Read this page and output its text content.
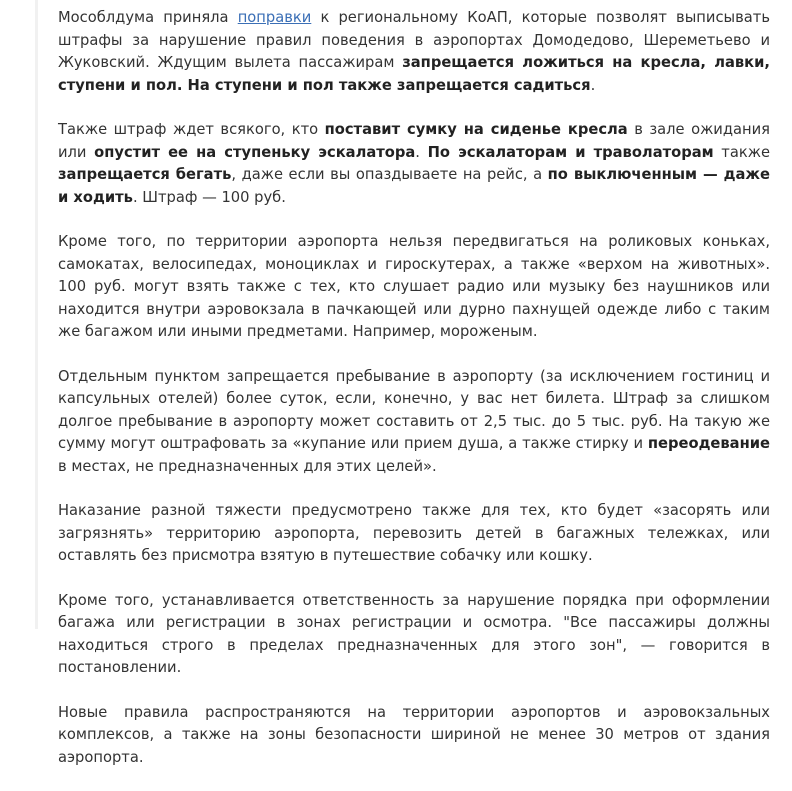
Мособлдума приняла поправки к региональному КоАП, которые позволят выписывать штрафы за нарушение правил поведения в аэропортах Домодедово, Шереметьево и Жуковский. Ждущим вылета пассажирам запрещается ложиться на кресла, лавки, ступени и пол. На ступени и пол также запрещается садиться.

Также штраф ждет всякого, кто поставит сумку на сиденье кресла в зале ожидания или опустит ее на ступеньку эскалатора. По эскалаторам и траволаторам также запрещается бегать, даже если вы опаздываете на рейс, а по выключенным — даже и ходить. Штраф — 100 руб.

Кроме того, по территории аэропорта нельзя передвигаться на роликовых коньках, самокатах, велосипедах, моноциклах и гироскутерах, а также «верхом на животных». 100 руб. могут взять также с тех, кто слушает радио или музыку без наушников или находится внутри аэровокзала в пачкающей или дурно пахнущей одежде либо с таким же багажом или иными предметами. Например, мороженым.

Отдельным пунктом запрещается пребывание в аэропорту (за исключением гостиниц и капсульных отелей) более суток, если, конечно, у вас нет билета. Штраф за слишком долгое пребывание в аэропорту может составить от 2,5 тыс. до 5 тыс. руб. На такую же сумму могут оштрафовать за «купание или прием душа, а также стирку и переодевание в местах, не предназначенных для этих целей».

Наказание разной тяжести предусмотрено также для тех, кто будет «засорять или загрязнять» территорию аэропорта, перевозить детей в багажных тележках, или оставлять без присмотра взятую в путешествие собачку или кошку.

Кроме того, устанавливается ответственность за нарушение порядка при оформлении багажа или регистрации в зонах регистрации и осмотра. "Все пассажиры должны находиться строго в пределах предназначенных для этого зон", — говорится в постановлении.

Новые правила распространяются на территории аэропортов и аэровокзальных комплексов, а также на зоны безопасности шириной не менее 30 метров от здания аэропорта.
